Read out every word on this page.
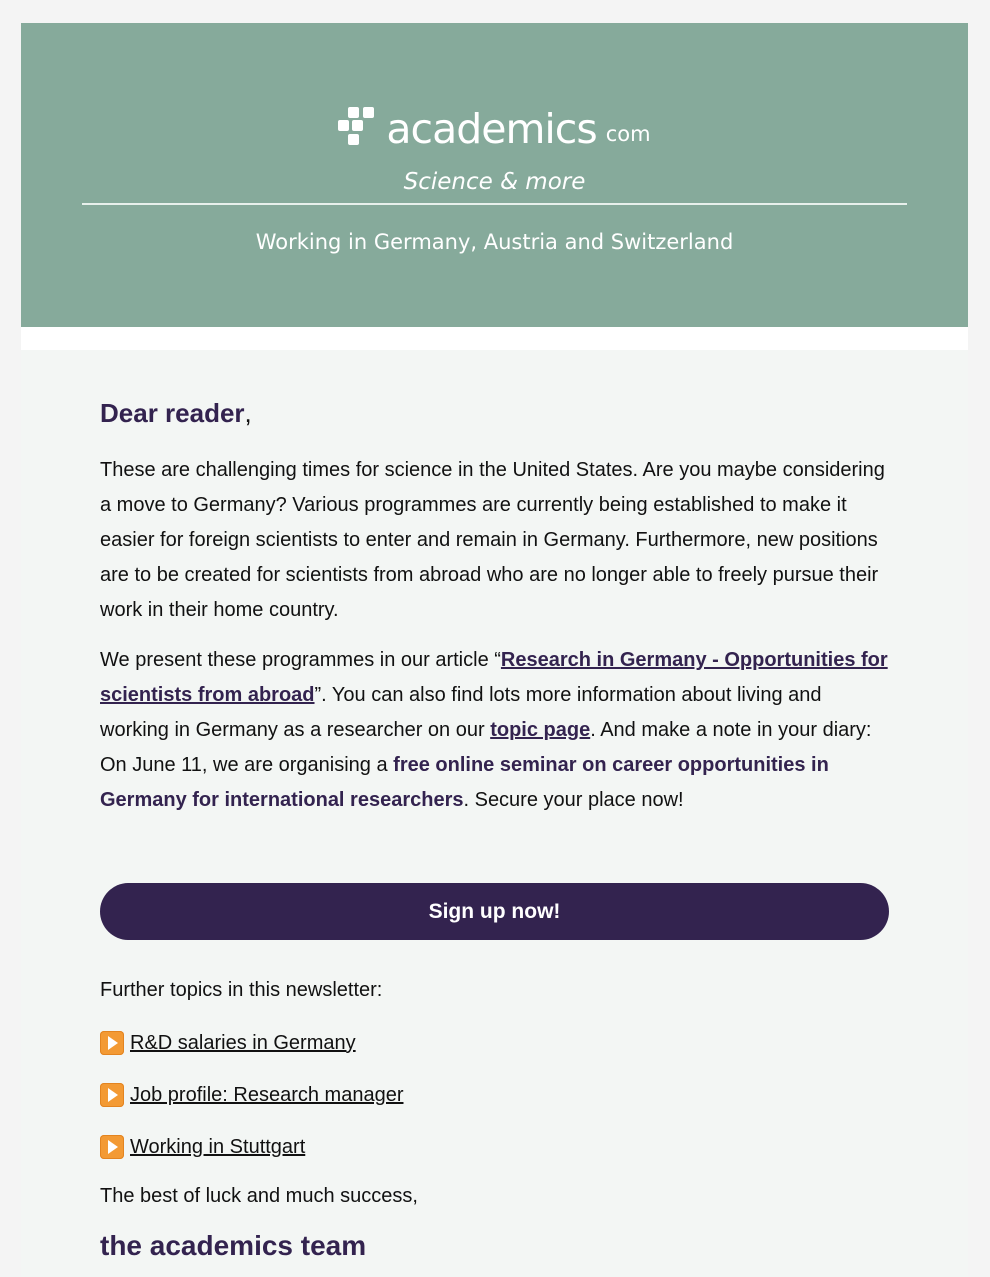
academics com
Science & more
Working in Germany, Austria and Switzerland
Dear reader,

These are challenging times for science in the United States. Are you maybe considering a move to Germany? Various programmes are currently being established to make it easier for foreign scientists to enter and remain in Germany. Furthermore, new positions are to be created for scientists from abroad who are no longer able to freely pursue their work in their home country.

We present these programmes in our article “Research in Germany - Opportunities for scientists from abroad”. You can also find lots more information about living and working in Germany as a researcher on our topic page. And make a note in your diary: On June 11, we are organising a free online seminar on career opportunities in Germany for international researchers. Secure your place now!

Sign up now!
Further topics in this newsletter:
R&D salaries in Germany
Job profile: Research manager
Working in Stuttgart
The best of luck and much success,
the academics team
